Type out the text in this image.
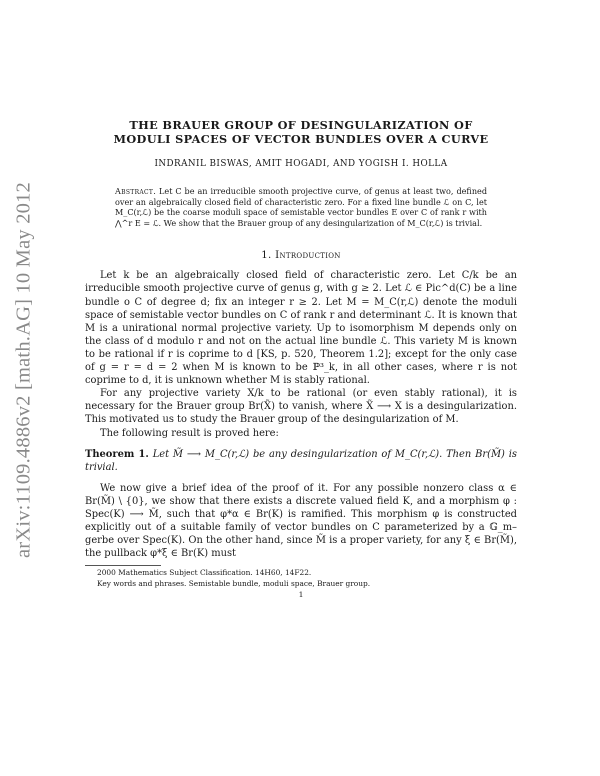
arXiv:1109.4886v2 [math.AG] 10 May 2012
THE BRAUER GROUP OF DESINGULARIZATION OF
MODULI SPACES OF VECTOR BUNDLES OVER A CURVE
INDRANIL BISWAS, AMIT HOGADI, AND YOGISH I. HOLLA
Abstract. Let C be an irreducible smooth projective curve, of genus at least two, defined over an algebraically closed field of characteristic zero. For a fixed line bundle ℒ on C, let M_C(r,ℒ) be the coarse moduli space of semistable vector bundles E over C of rank r with ⋀^r E = ℒ. We show that the Brauer group of any desingularization of M_C(r,ℒ) is trivial.
1. Introduction

Let k be an algebraically closed field of characteristic zero. Let C/k be an irreducible smooth projective curve of genus g, with g ≥ 2. Let ℒ ∈ Pic^d(C) be a line bundle o C of degree d; fix an integer r ≥ 2. Let M = M_C(r,ℒ) denote the moduli space of semistable vector bundles on C of rank r and determinant ℒ. It is known that M is a unirational normal projective variety. Up to isomorphism M depends only on the class of d modulo r and not on the actual line bundle ℒ. This variety M is known to be rational if r is coprime to d [KS, p. 520, Theorem 1.2]; except for the only case of g = r = d = 2 when M is known to be ℙ³_k, in all other cases, where r is not coprime to d, it is unknown whether M is stably rational.

For any projective variety X/k to be rational (or even stably rational), it is necessary for the Brauer group Br(X̃) to vanish, where X̃ ⟶ X is a desingularization. This motivated us to study the Brauer group of the desingularization of M.

The following result is proved here:

Theorem 1. Let M̃ ⟶ M_C(r,ℒ) be any desingularization of M_C(r,ℒ). Then Br(M̃) is trivial.

We now give a brief idea of the proof of it. For any possible nonzero class α ∈ Br(M̃) \ {0}, we show that there exists a discrete valued field K, and a morphism φ : Spec(K) ⟶ M̃, such that φ*α ∈ Br(K) is ramified. This morphism φ is constructed explicitly out of a suitable family of vector bundles on C parameterized by a 𝔾_m–gerbe over Spec(K). On the other hand, since M̃ is a proper variety, for any ξ ∈ Br(M̃), the pullback φ*ξ ∈ Br(K) must

2000 Mathematics Subject Classification. 14H60, 14F22.
Key words and phrases. Semistable bundle, moduli space, Brauer group.
1
